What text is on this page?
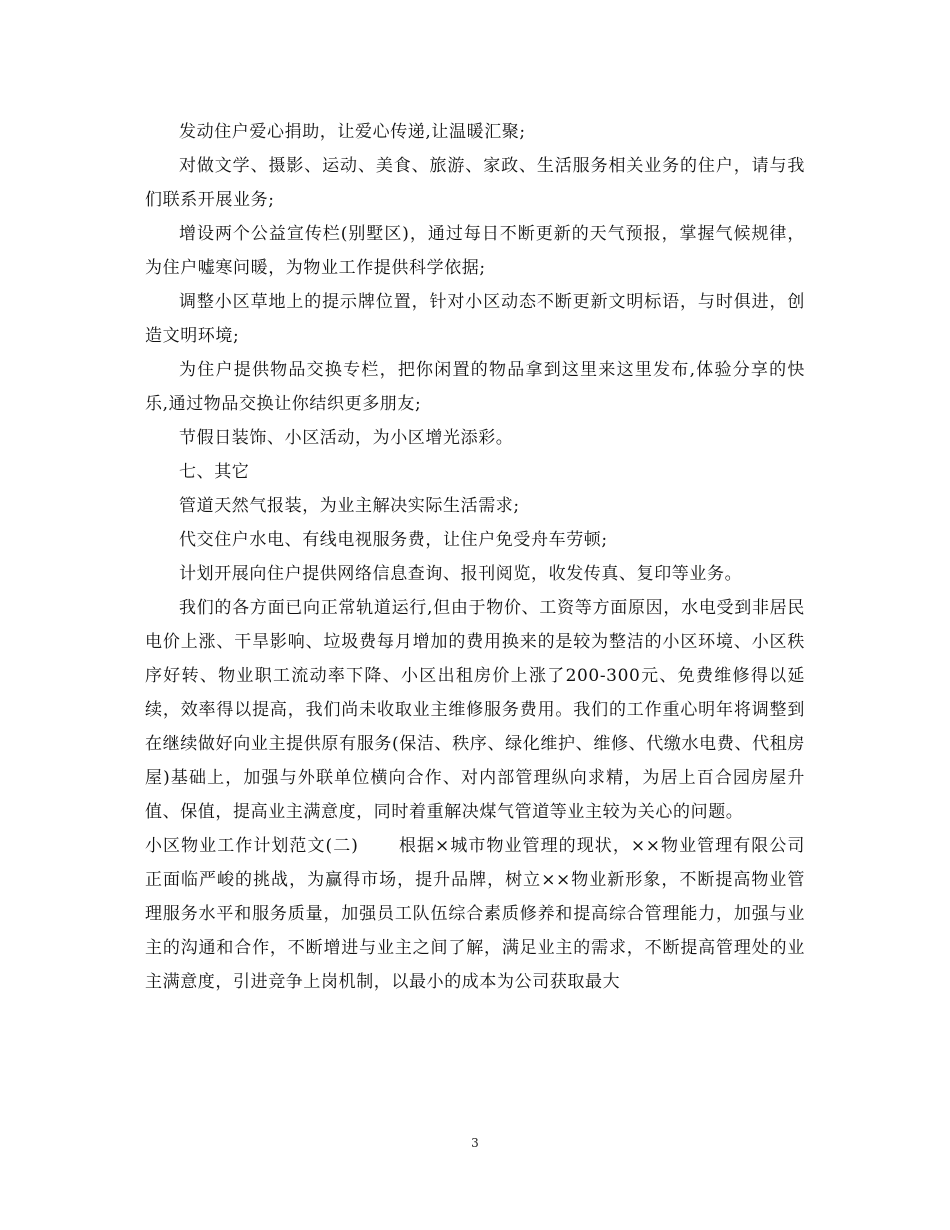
发动住户爱心捐助，让爱心传递,让温暖汇聚;

对做文学、摄影、运动、美食、旅游、家政、生活服务相关业务的住户，请与我们联系开展业务;

增设两个公益宣传栏(别墅区)，通过每日不断更新的天气预报，掌握气候规律，为住户嘘寒问暖，为物业工作提供科学依据;

调整小区草地上的提示牌位置，针对小区动态不断更新文明标语，与时俱进，创造文明环境;

为住户提供物品交换专栏，把你闲置的物品拿到这里来这里发布,体验分享的快乐,通过物品交换让你结织更多朋友;

节假日装饰、小区活动，为小区增光添彩。

七、其它

管道天然气报装，为业主解决实际生活需求;

代交住户水电、有线电视服务费，让住户免受舟车劳顿;

计划开展向住户提供网络信息查询、报刊阅览，收发传真、复印等业务。

我们的各方面已向正常轨道运行,但由于物价、工资等方面原因，水电受到非居民电价上涨、干旱影响、垃圾费每月增加的费用换来的是较为整洁的小区环境、小区秩序好转、物业职工流动率下降、小区出租房价上涨了200-300元、免费维修得以延续，效率得以提高，我们尚未收取业主维修服务费用。我们的工作重心明年将调整到在继续做好向业主提供原有服务(保洁、秩序、绿化维护、维修、代缴水电费、代租房屋)基础上，加强与外联单位横向合作、对内部管理纵向求精，为居上百合园房屋升值、保值，提高业主满意度，同时着重解决煤气管道等业主较为关心的问题。

小区物业工作计划范文(二) 根据×城市物业管理的现状，××物业管理有限公司正面临严峻的挑战，为赢得市场，提升品牌，树立××物业新形象，不断提高物业管理服务水平和服务质量，加强员工队伍综合素质修养和提高综合管理能力，加强与业主的沟通和合作，不断增进与业主之间了解，满足业主的需求，不断提高管理处的业主满意度，引进竞争上岗机制，以最小的成本为公司获取最大

3
